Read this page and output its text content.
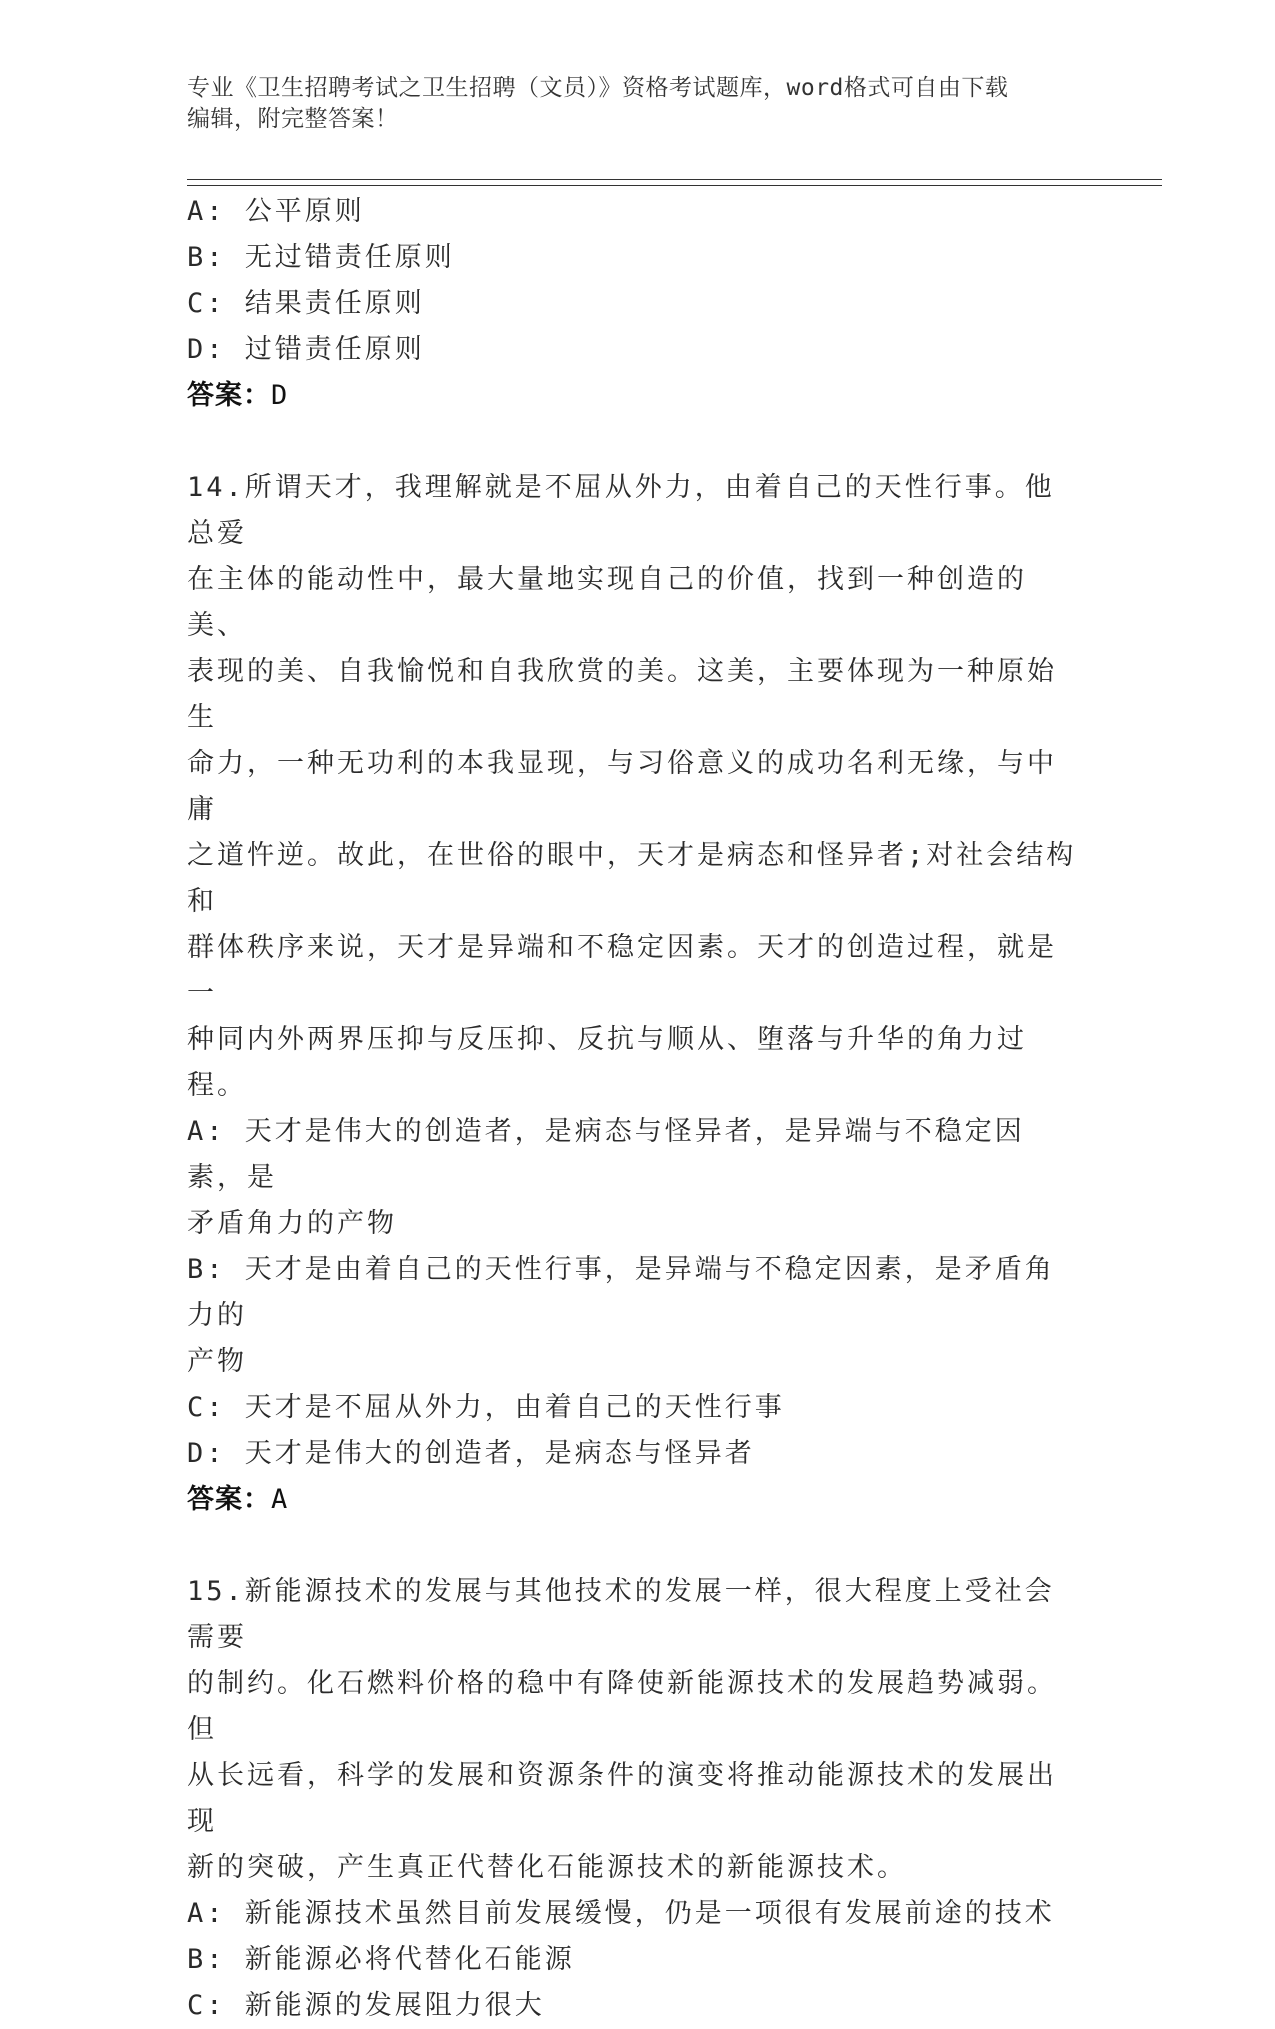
专业《卫生招聘考试之卫生招聘（文员）》资格考试题库，word格式可自由下载
编辑，附完整答案！

A: 公平原则

B: 无过错责任原则

C: 结果责任原则

D: 过错责任原则

答案：D

14.所谓天才，我理解就是不屈从外力，由着自己的天性行事。他总爱

在主体的能动性中，最大量地实现自己的价值，找到一种创造的美、

表现的美、自我愉悦和自我欣赏的美。这美，主要体现为一种原始生

命力，一种无功利的本我显现，与习俗意义的成功名利无缘，与中庸

之道忤逆。故此，在世俗的眼中，天才是病态和怪异者;对社会结构和

群体秩序来说，天才是异端和不稳定因素。天才的创造过程，就是一

种同内外两界压抑与反压抑、反抗与顺从、堕落与升华的角力过程。

A: 天才是伟大的创造者，是病态与怪异者，是异端与不稳定因素，是

矛盾角力的产物

B: 天才是由着自己的天性行事，是异端与不稳定因素，是矛盾角力的

产物

C: 天才是不屈从外力，由着自己的天性行事

D: 天才是伟大的创造者，是病态与怪异者

答案：A

15.新能源技术的发展与其他技术的发展一样，很大程度上受社会需要

的制约。化石燃料价格的稳中有降使新能源技术的发展趋势减弱。但

从长远看，科学的发展和资源条件的演变将推动能源技术的发展出现

新的突破，产生真正代替化石能源技术的新能源技术。

A: 新能源技术虽然目前发展缓慢，仍是一项很有发展前途的技术

B: 新能源必将代替化石能源

C: 新能源的发展阻力很大
